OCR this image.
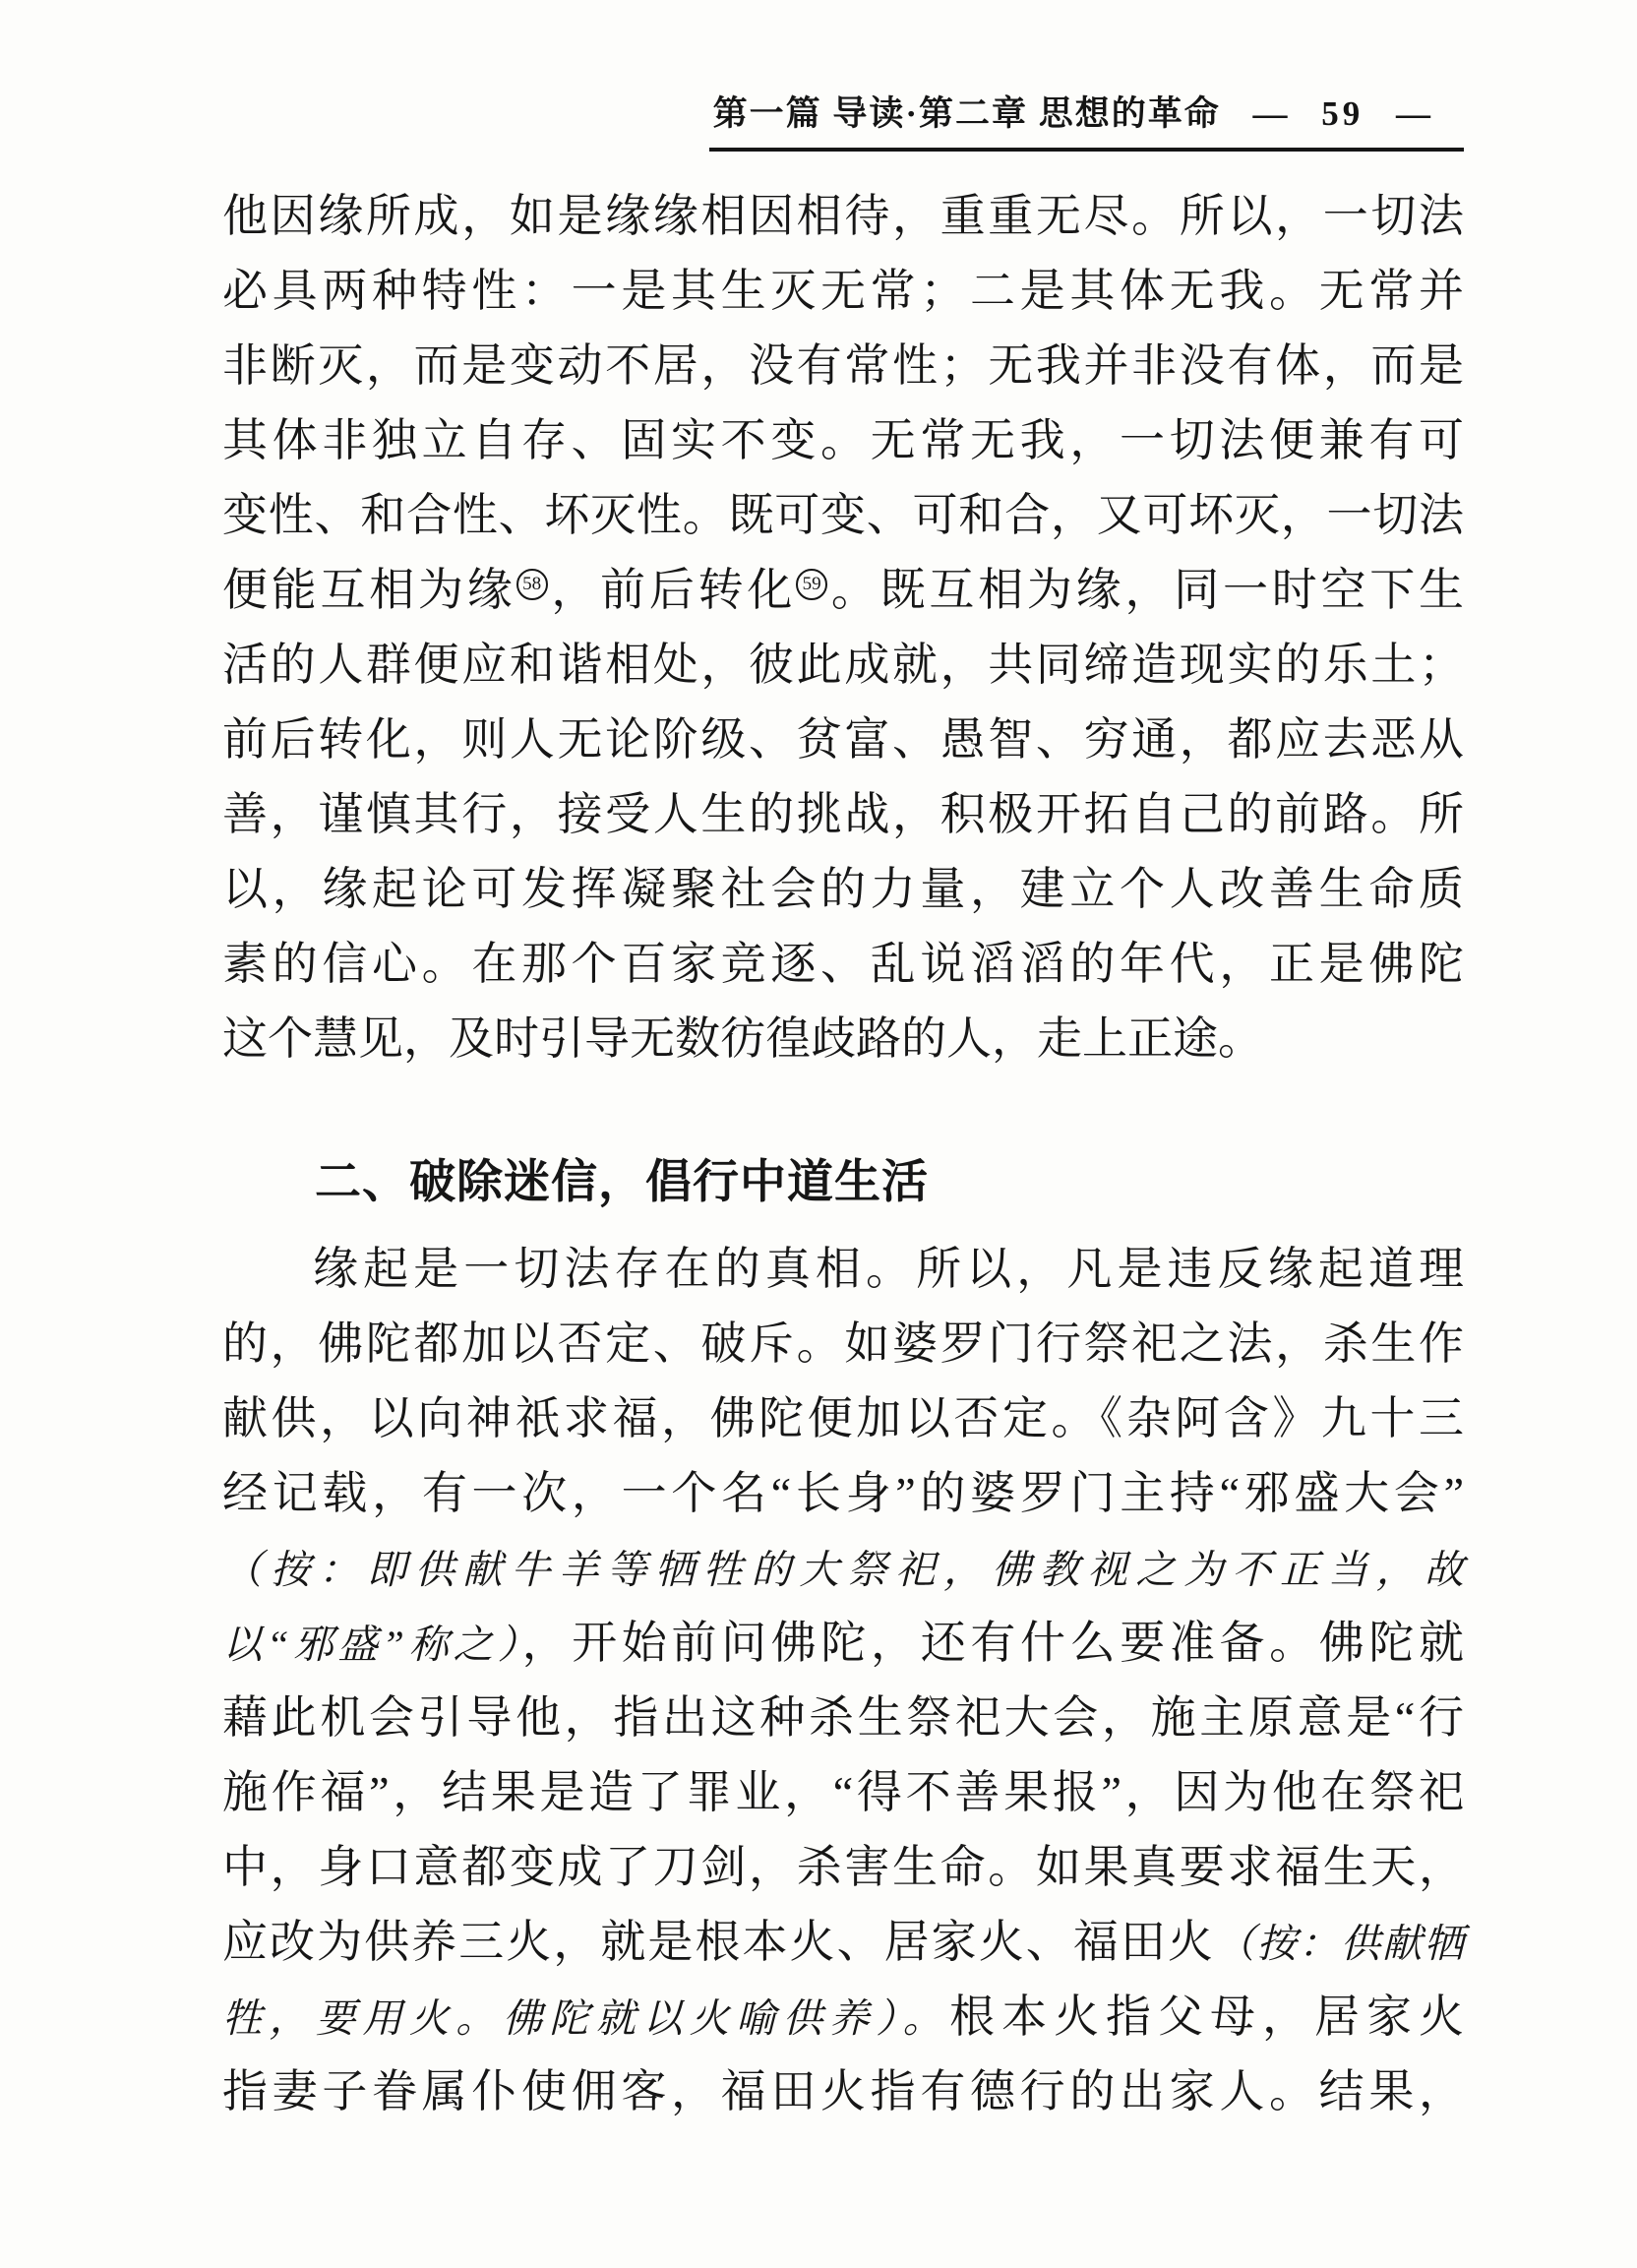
第一篇 导读·第二章 思想的革命 — 59 —
他因缘所成，如是缘缘相因相待，重重无尽。所以，一切法
必具两种特性：一是其生灭无常；二是其体无我。无常并
非断灭，而是变动不居，没有常性；无我并非没有体，而是
其体非独立自存、固实不变。无常无我，一切法便兼有可
变性、和合性、坏灭性。既可变、可和合，又可坏灭，一切法
便能互相为缘 58 ，前后转化 59 。既互相为缘，同一时空下生
活的人群便应和谐相处，彼此成就，共同缔造现实的乐土；
前后转化，则人无论阶级、贫富、愚智、穷通，都应去恶从
善，谨慎其行，接受人生的挑战，积极开拓自己的前路。所
以，缘起论可发挥凝聚社会的力量，建立个人改善生命质
素的信心。在那个百家竞逐、乱说滔滔的年代，正是佛陀
这个慧见，及时引导无数彷徨歧路的人，走上正途。
二、破除迷信，倡行中道生活
缘起是一切法存在的真相。所以，凡是违反缘起道理
的，佛陀都加以否定、破斥。如婆罗门行祭祀之法，杀生作
献供，以向神祇求福，佛陀便加以否定。《杂阿含》九十三
经记载，有一次，一个名“长身”的婆罗门主持“邪盛大会”
（按：即供献牛羊等牺牲的大祭祀，佛教视之为不正当，故
以“邪盛”称之），开始前问佛陀，还有什么要准备。佛陀就
藉此机会引导他，指出这种杀生祭祀大会，施主原意是“行
施作福”，结果是造了罪业，“得不善果报”，因为他在祭祀
中，身口意都变成了刀剑，杀害生命。如果真要求福生天，
应改为供养三火，就是根本火、居家火、福田火（按：供献牺
牲，要用火。佛陀就以火喻供养）。根本火指父母，居家火
指妻子眷属仆使佣客，福田火指有德行的出家人。结果，
